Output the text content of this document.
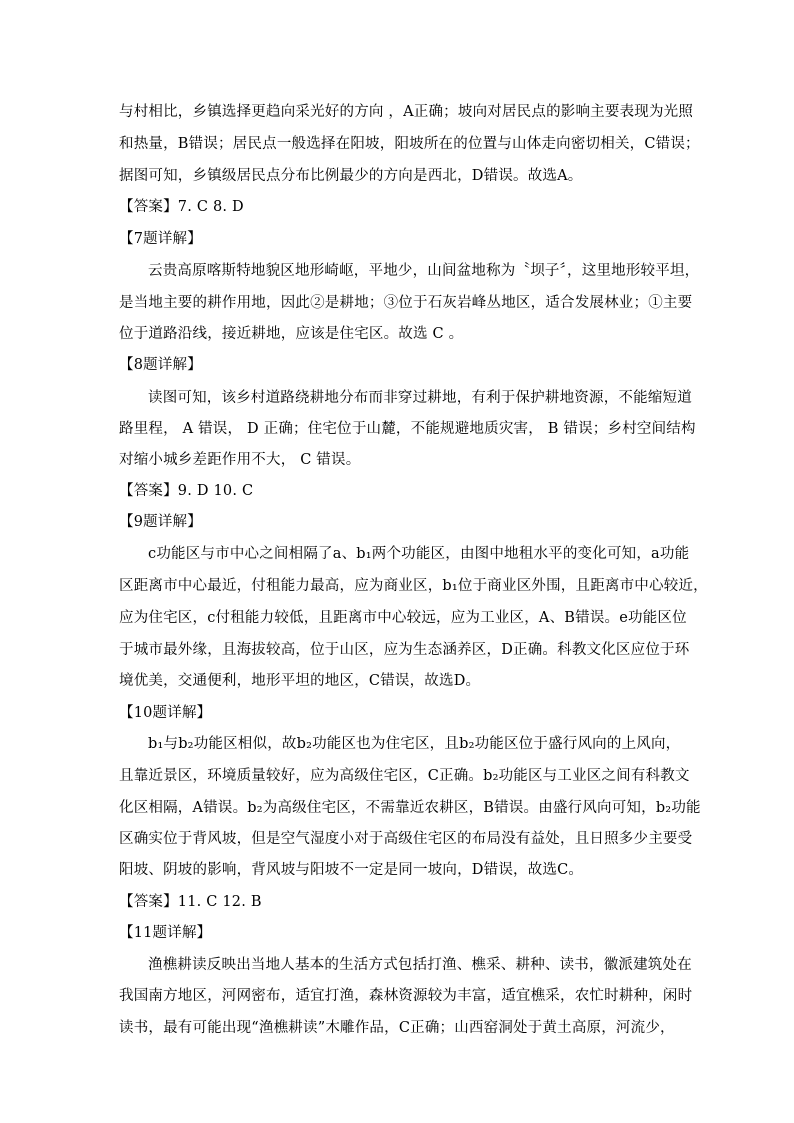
与村相比，乡镇选择更趋向采光好的方向 ，A正确；坡向对居民点的影响主要表现为光照
和热量，B错误；居民点一般选择在阳坡，阳坡所在的位置与山体走向密切相关，C错误；
据图可知，乡镇级居民点分布比例最少的方向是西北，D错误。故选A。
【答案】7. C 8. D
【7题详解】
云贵高原喀斯特地貌区地形崎岖，平地少，山间盆地称为〝坝子〞，这里地形较平坦，
是当地主要的耕作用地，因此②是耕地；③位于石灰岩峰丛地区，适合发展林业；①主要
位于道路沿线，接近耕地，应该是住宅区。故选 C 。
【8题详解】
读图可知，该乡村道路绕耕地分布而非穿过耕地，有利于保护耕地资源，不能缩短道
路里程， A 错误， D 正确；住宅位于山麓，不能规避地质灾害， B 错误；乡村空间结构
对缩小城乡差距作用不大， C 错误。
【答案】9. D 10. C
【9题详解】
c功能区与市中心之间相隔了a、b₁两个功能区，由图中地租水平的变化可知，a功能
区距离市中心最近，付租能力最高，应为商业区，b₁位于商业区外围，且距离市中心较近，
应为住宅区，c付租能力较低，且距离市中心较远，应为工业区，A、B错误。e功能区位
于城市最外缘，且海拔较高，位于山区，应为生态涵养区，D正确。科教文化区应位于环
境优美，交通便利，地形平坦的地区，C错误，故选D。
【10题详解】
b₁与b₂功能区相似，故b₂功能区也为住宅区，且b₂功能区位于盛行风向的上风向，
且靠近景区，环境质量较好，应为高级住宅区，C正确。b₂功能区与工业区之间有科教文
化区相隔，A错误。b₂为高级住宅区，不需靠近农耕区，B错误。由盛行风向可知，b₂功能
区确实位于背风坡，但是空气湿度小对于高级住宅区的布局没有益处，且日照多少主要受
阳坡、阴坡的影响，背风坡与阳坡不一定是同一坡向，D错误，故选C。
【答案】11. C 12. B
【11题详解】
渔樵耕读反映出当地人基本的生活方式包括打渔、樵采、耕种、读书，徽派建筑处在
我国南方地区，河网密布，适宜打渔，森林资源较为丰富，适宜樵采，农忙时耕种，闲时
读书，最有可能出现“渔樵耕读”木雕作品，C正确；山西窑洞处于黄土高原，河流少，
